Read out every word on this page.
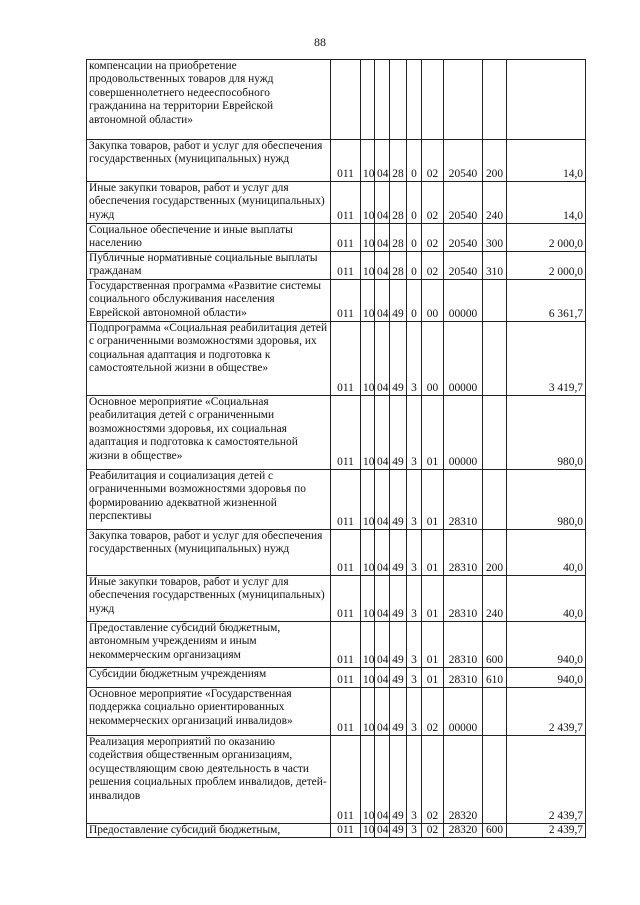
88
компенсации на приобретение продовольственных товаров для нужд совершеннолетнего недееспособного гражданина на территории Еврейской автономной области»									
Закупка товаров, работ и услуг для обеспечения государственных (муниципальных) нужд	011	10	04	28	0	02	20540	200	14,0
Иные закупки товаров, работ и услуг для обеспечения государственных (муниципальных) нужд	011	10	04	28	0	02	20540	240	14,0
Социальное обеспечение и иные выплаты населению	011	10	04	28	0	02	20540	300	2 000,0
Публичные нормативные социальные выплаты гражданам	011	10	04	28	0	02	20540	310	2 000,0
Государственная программа «Развитие системы социального обслуживания населения Еврейской автономной области»	011	10	04	49	0	00	00000		6 361,7
Подпрограмма «Социальная реабилитация детей с ограниченными возможностями здоровья, их социальная адаптация и подготовка к самостоятельной жизни в обществе»	011	10	04	49	3	00	00000		3 419,7
Основное мероприятие «Социальная реабилитация детей с ограниченными возможностями здоровья, их социальная адаптация и подготовка к самостоятельной жизни в обществе»	011	10	04	49	3	01	00000		980,0
Реабилитация и социализация детей с ограниченными возможностями здоровья по формированию адекватной жизненной перспективы	011	10	04	49	3	01	28310		980,0
Закупка товаров, работ и услуг для обеспечения государственных (муниципальных) нужд	011	10	04	49	3	01	28310	200	40,0
Иные закупки товаров, работ и услуг для обеспечения государственных (муниципальных) нужд	011	10	04	49	3	01	28310	240	40,0
Предоставление субсидий бюджетным, автономным учреждениям и иным некоммерческим организациям	011	10	04	49	3	01	28310	600	940,0
Субсидии бюджетным учреждениям	011	10	04	49	3	01	28310	610	940,0
Основное мероприятие «Государственная поддержка социально ориентированных некоммерческих организаций инвалидов»	011	10	04	49	3	02	00000		2 439,7
Реализация мероприятий по оказанию содействия общественным организациям, осуществляющим свою деятельность в части решения социальных проблем инвалидов, детей-инвалидов	011	10	04	49	3	02	28320		2 439,7
Предоставление субсидий бюджетным,	011	10	04	49	3	02	28320	600	2 439,7
